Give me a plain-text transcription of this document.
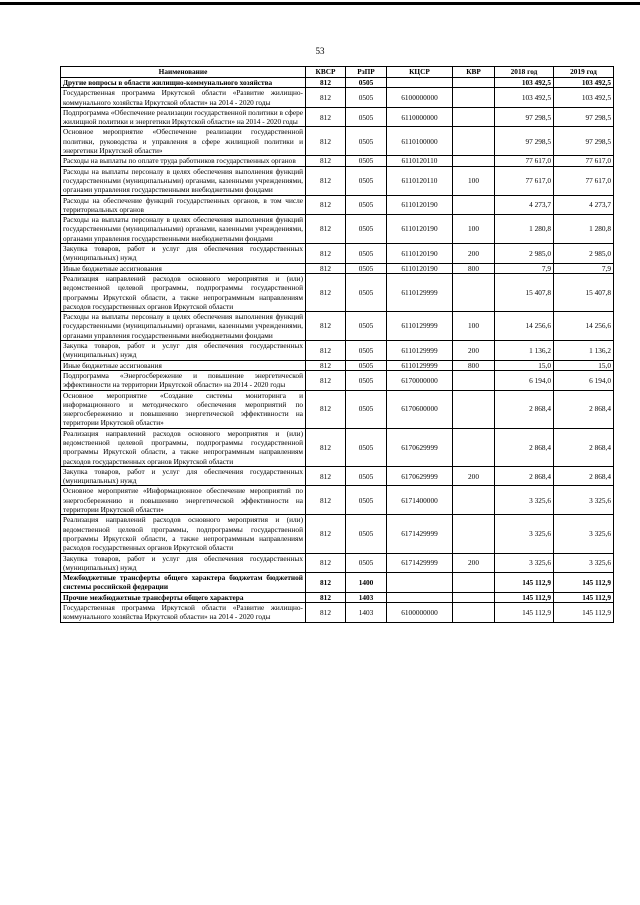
53
Наименование	КВСР	РзПР	КЦСР	КВР	2018 год	2019 год
Другие вопросы в области жилищно-коммунального хозяйства	812	0505			103 492,5	103 492,5
Государственная программа Иркутской области «Развитие жилищно-коммунального хозяйства Иркутской области» на 2014 - 2020 годы	812	0505	6100000000		103 492,5	103 492,5
Подпрограмма «Обеспечение реализации государственной политики в сфере жилищной политики и энергетики Иркутской области» на 2014 - 2020 годы	812	0505	6110000000		97 298,5	97 298,5
Основное мероприятие «Обеспечение реализации государственной политики, руководства и управления в сфере жилищной политики и энергетики Иркутской области»	812	0505	6110100000		97 298,5	97 298,5
Расходы на выплаты по оплате труда работников государственных органов	812	0505	6110120110		77 617,0	77 617,0
Расходы на выплаты персоналу в целях обеспечения выполнения функций государственными (муниципальными) органами, казенными учреждениями, органами управления государственными внебюджетными фондами	812	0505	6110120110	100	77 617,0	77 617,0
Расходы на обеспечение функций государственных органов, в том числе территориальных органов	812	0505	6110120190		4 273,7	4 273,7
Расходы на выплаты персоналу в целях обеспечения выполнения функций государственными (муниципальными) органами, казенными учреждениями, органами управления государственными внебюджетными фондами	812	0505	6110120190	100	1 280,8	1 280,8
Закупка товаров, работ и услуг для обеспечения государственных (муниципальных) нужд	812	0505	6110120190	200	2 985,0	2 985,0
Иные бюджетные ассигнования	812	0505	6110120190	800	7,9	7,9
Реализация направлений расходов основного мероприятия и (или) ведомственной целевой программы, подпрограммы государственной программы Иркутской области, а также непрограммным направлениям расходов государственных органов Иркутской области	812	0505	6110129999		15 407,8	15 407,8
Расходы на выплаты персоналу в целях обеспечения выполнения функций государственными (муниципальными) органами, казенными учреждениями, органами управления государственными внебюджетными фондами	812	0505	6110129999	100	14 256,6	14 256,6
Закупка товаров, работ и услуг для обеспечения государственных (муниципальных) нужд	812	0505	6110129999	200	1 136,2	1 136,2
Иные бюджетные ассигнования	812	0505	6110129999	800	15,0	15,0
Подпрограмма «Энергосбережение и повышение энергетической эффективности на территории Иркутской области» на 2014 - 2020 годы	812	0505	6170000000		6 194,0	6 194,0
Основное мероприятие «Создание системы мониторинга и информационного и методического обеспечения мероприятий по энергосбережению и повышению энергетической эффективности на территории Иркутской области»	812	0505	6170600000		2 868,4	2 868,4
Реализация направлений расходов основного мероприятия и (или) ведомственной целевой программы, подпрограммы государственной программы Иркутской области, а также непрограммным направлениям расходов государственных органов Иркутской области	812	0505	6170629999		2 868,4	2 868,4
Закупка товаров, работ и услуг для обеспечения государственных (муниципальных) нужд	812	0505	6170629999	200	2 868,4	2 868,4
Основное мероприятие «Информационное обеспечение мероприятий по энергосбережению и повышению энергетической эффективности на территории Иркутской области»	812	0505	6171400000		3 325,6	3 325,6
Реализация направлений расходов основного мероприятия и (или) ведомственной целевой программы, подпрограммы государственной программы Иркутской области, а также непрограммным направлениям расходов государственных органов Иркутской области	812	0505	6171429999		3 325,6	3 325,6
Закупка товаров, работ и услуг для обеспечения государственных (муниципальных) нужд	812	0505	6171429999	200	3 325,6	3 325,6
Межбюджетные трансферты общего характера бюджетам бюджетной системы российской федерации	812	1400			145 112,9	145 112,9
Прочие межбюджетные трансферты общего характера	812	1403			145 112,9	145 112,9
Государственная программа Иркутской области «Развитие жилищно-коммунального хозяйства Иркутской области» на 2014 - 2020 годы	812	1403	6100000000		145 112,9	145 112,9
